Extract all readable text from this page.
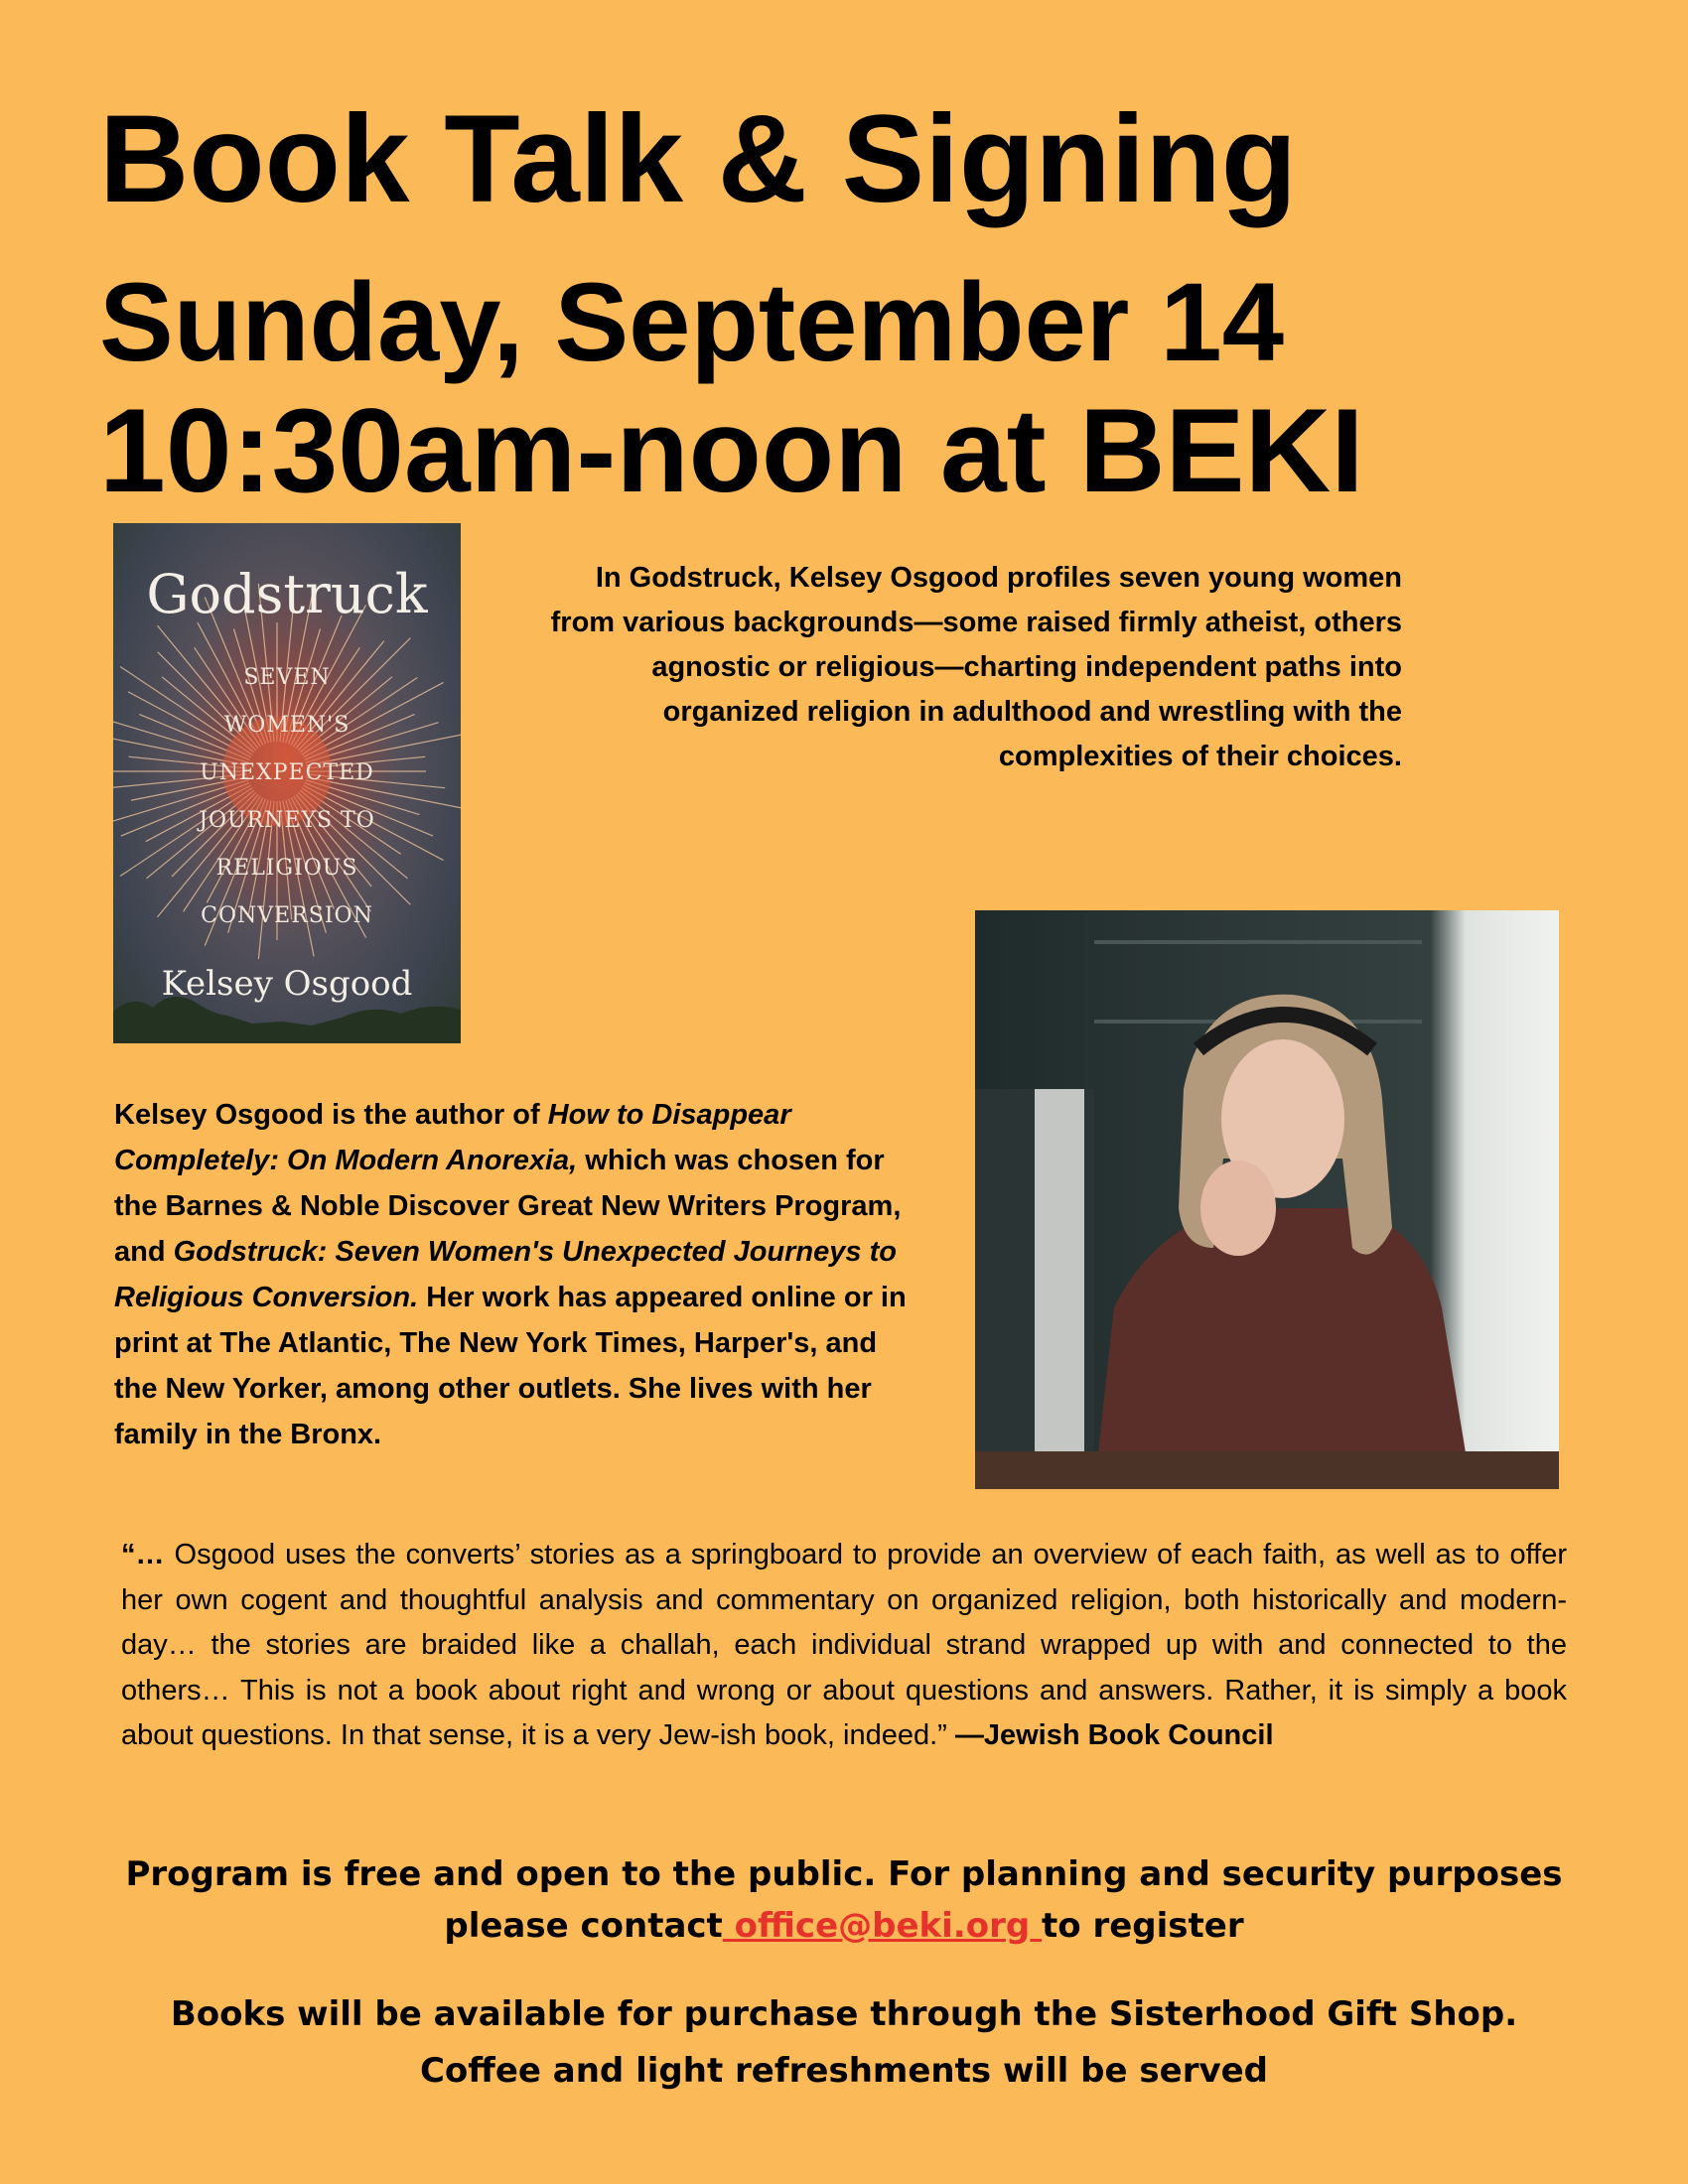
Book Talk & Signing
Sunday, September 14
10:30am-noon at BEKI
Godstruck
SEVEN
WOMEN'S
UNEXPECTED
JOURNEYS TO
RELIGIOUS
CONVERSION
Kelsey Osgood

In Godstruck, Kelsey Osgood profiles seven young women from various backgrounds—some raised firmly atheist, others agnostic or religious—charting independent paths into organized religion in adulthood and wrestling with the complexities of their choices.

Kelsey Osgood is the author of How to Disappear Completely: On Modern Anorexia, which was chosen for the Barnes & Noble Discover Great New Writers Program, and Godstruck: Seven Women's Unexpected Journeys to Religious Conversion. Her work has appeared online or in print at The Atlantic, The New York Times, Harper's, and the New Yorker, among other outlets. She lives with her family in the Bronx.

“… Osgood uses the converts’ stories as a springboard to provide an overview of each faith, as well as to offer her own cogent and thoughtful analysis and commentary on organized religion, both historically and modern-day… the stories are braided like a challah, each individual strand wrapped up with and connected to the others… This is not a book about right and wrong or about questions and answers. Rather, it is simply a book about questions. In that sense, it is a very Jew-ish book, indeed.” —Jewish Book Council

Program is free and open to the public. For planning and security purposes
please contact office@beki.org to register

Books will be available for purchase through the Sisterhood Gift Shop.
Coffee and light refreshments will be served
